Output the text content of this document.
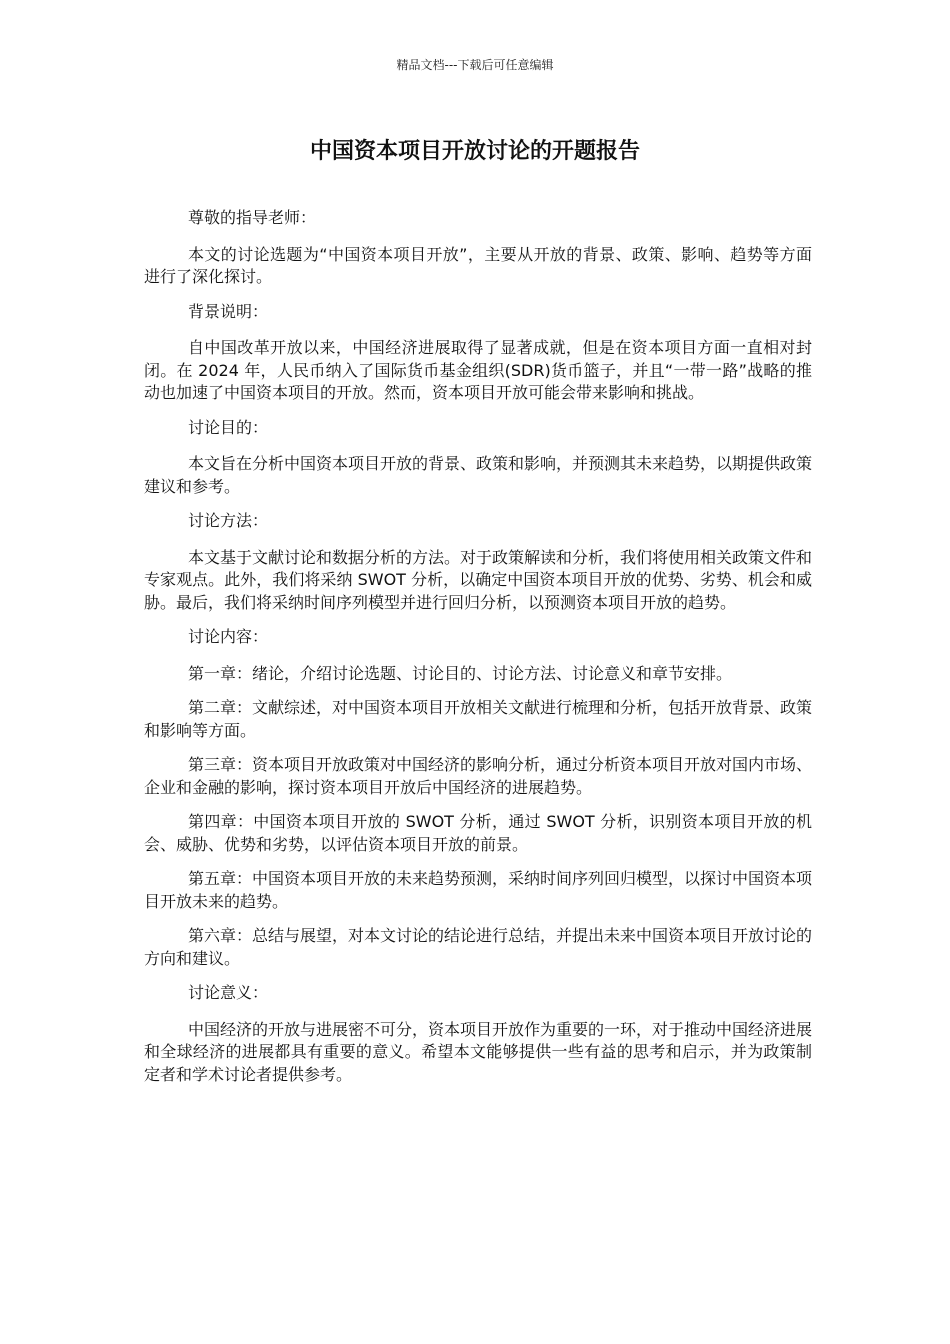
精品文档---下载后可任意编辑
中国资本项目开放讨论的开题报告

尊敬的指导老师：

本文的讨论选题为“中国资本项目开放”，主要从开放的背景、政策、影响、趋势等方面进行了深化探讨。

背景说明：

自中国改革开放以来，中国经济进展取得了显著成就，但是在资本项目方面一直相对封闭。在 2024 年，人民币纳入了国际货币基金组织(SDR)货币篮子，并且“一带一路”战略的推动也加速了中国资本项目的开放。然而，资本项目开放可能会带来影响和挑战。

讨论目的：

本文旨在分析中国资本项目开放的背景、政策和影响，并预测其未来趋势，以期提供政策建议和参考。

讨论方法：

本文基于文献讨论和数据分析的方法。对于政策解读和分析，我们将使用相关政策文件和专家观点。此外，我们将采纳 SWOT 分析，以确定中国资本项目开放的优势、劣势、机会和威胁。最后，我们将采纳时间序列模型并进行回归分析，以预测资本项目开放的趋势。

讨论内容：

第一章：绪论，介绍讨论选题、讨论目的、讨论方法、讨论意义和章节安排。

第二章：文献综述，对中国资本项目开放相关文献进行梳理和分析，包括开放背景、政策和影响等方面。

第三章：资本项目开放政策对中国经济的影响分析，通过分析资本项目开放对国内市场、企业和金融的影响，探讨资本项目开放后中国经济的进展趋势。

第四章：中国资本项目开放的 SWOT 分析，通过 SWOT 分析，识别资本项目开放的机会、威胁、优势和劣势，以评估资本项目开放的前景。

第五章：中国资本项目开放的未来趋势预测，采纳时间序列回归模型，以探讨中国资本项目开放未来的趋势。

第六章：总结与展望，对本文讨论的结论进行总结，并提出未来中国资本项目开放讨论的方向和建议。

讨论意义：

中国经济的开放与进展密不可分，资本项目开放作为重要的一环，对于推动中国经济进展和全球经济的进展都具有重要的意义。希望本文能够提供一些有益的思考和启示，并为政策制定者和学术讨论者提供参考。
